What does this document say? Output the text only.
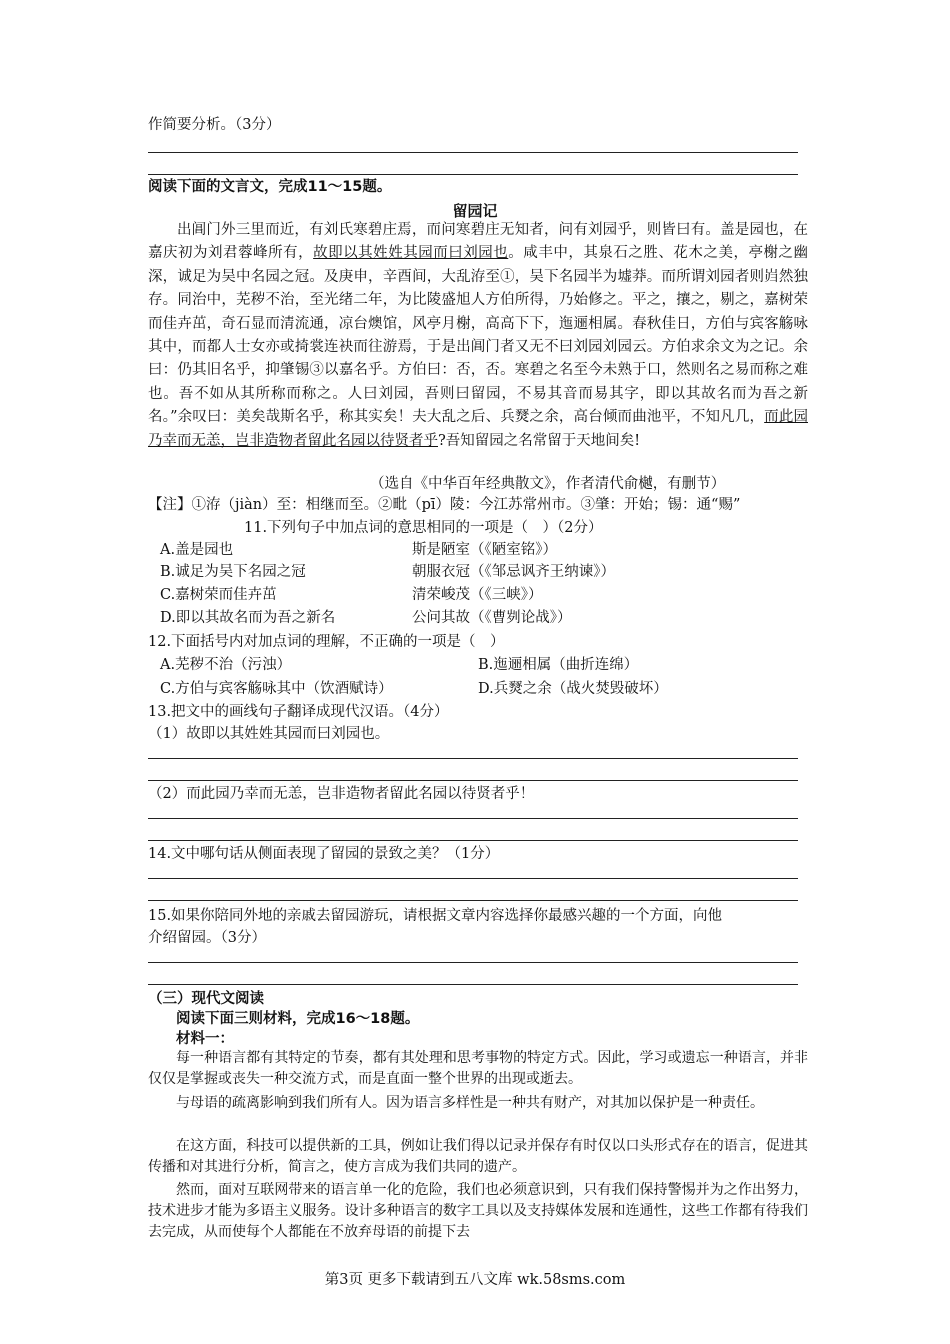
作简要分析。（3分）
阅读下面的文言文，完成11～15题。
留园记
出阊门外三里而近，有刘氏寒碧庄焉，而问寒碧庄无知者，问有刘园乎，则皆曰有。盖是园也，在嘉庆初为刘君蓉峰所有，故即以其姓姓其园而曰刘园也。咸丰中，其泉石之胜、花木之美，亭榭之幽深，诚足为吴中名园之冠。及庚申，辛酉间，大乱洊至①，吴下名园半为墟莽。而所谓刘园者则岿然独存。同治中，芜秽不治，至光绪二年，为比陵盛旭人方伯所得，乃始修之。平之，攘之，剔之，嘉树荣而佳卉茁，奇石显而清流通，凉台燠馆，风亭月榭，高高下下，迤逦相属。春秋佳日，方伯与宾客觞咏其中，而都人士女亦或掎裳连袂而往游焉，于是出阊门者又无不曰刘园刘园云。方伯求余文为之记。余曰：仍其旧名乎，抑肇锡③以嘉名乎。方伯曰：否，否。寒碧之名至今未熟于口，然则名之易而称之难也。吾不如从其所称而称之。人曰刘园，吾则曰留园，不易其音而易其字，即以其故名而为吾之新名。”余叹曰：美矣哉斯名乎，称其实矣！夫大乱之后、兵燹之余，高台倾而曲池平，不知凡几，而此园乃幸而无恙，岂非造物者留此名园以待贤者乎?吾知留园之名常留于天地间矣!
（选自《中华百年经典散文》，作者清代俞樾，有删节）
【注】①洊（jiàn）至：相继而至。②毗（pī）陵：今江苏常州市。③肇：开始；锡：通“赐”
11.下列句子中加点词的意思相同的一项是（　）（2分）
A.盖是园也	斯是陋室（《陋室铭》）
B.诚足为吴下名园之冠	朝服衣冠（《邹忌讽齐王纳谏》）
C.嘉树荣而佳卉茁	清荣峻茂（《三峡》）
D.即以其故名而为吾之新名	公问其故（《曹刿论战》）
12.下面括号内对加点词的理解，不正确的一项是（　）
A.芜秽不治（污浊）	B.迤逦相属（曲折连绵）
C.方伯与宾客觞咏其中（饮酒赋诗）	D.兵燹之余（战火焚毁破坏）
13.把文中的画线句子翻译成现代汉语。（4分）
（1）故即以其姓姓其园而曰刘园也。
（2）而此园乃幸而无恙，岂非造物者留此名园以待贤者乎！
14.文中哪句话从侧面表现了留园的景致之美？（1分）
15.如果你陪同外地的亲戚去留园游玩，请根据文章内容选择你最感兴趣的一个方面，向他
介绍留园。（3分）
（三）现代文阅读
阅读下面三则材料，完成16～18题。
材料一：
每一种语言都有其特定的节奏，都有其处理和思考事物的特定方式。因此，学习或遗忘一种语言，并非仅仅是掌握或丧失一种交流方式，而是直面一整个世界的出现或逝去。
与母语的疏离影响到我们所有人。因为语言多样性是一种共有财产，对其加以保护是一种责任。
在这方面，科技可以提供新的工具，例如让我们得以记录并保存有时仅以口头形式存在的语言，促进其传播和对其进行分析，简言之，使方言成为我们共同的遗产。
然而，面对互联网带来的语言单一化的危险，我们也必须意识到，只有我们保持警惕并为之作出努力，技术进步才能为多语主义服务。设计多种语言的数字工具以及支持媒体发展和连通性，这些工作都有待我们去完成，从而使每个人都能在不放弃母语的前提下去
第3页 更多下载请到五八文库 wk.58sms.com
